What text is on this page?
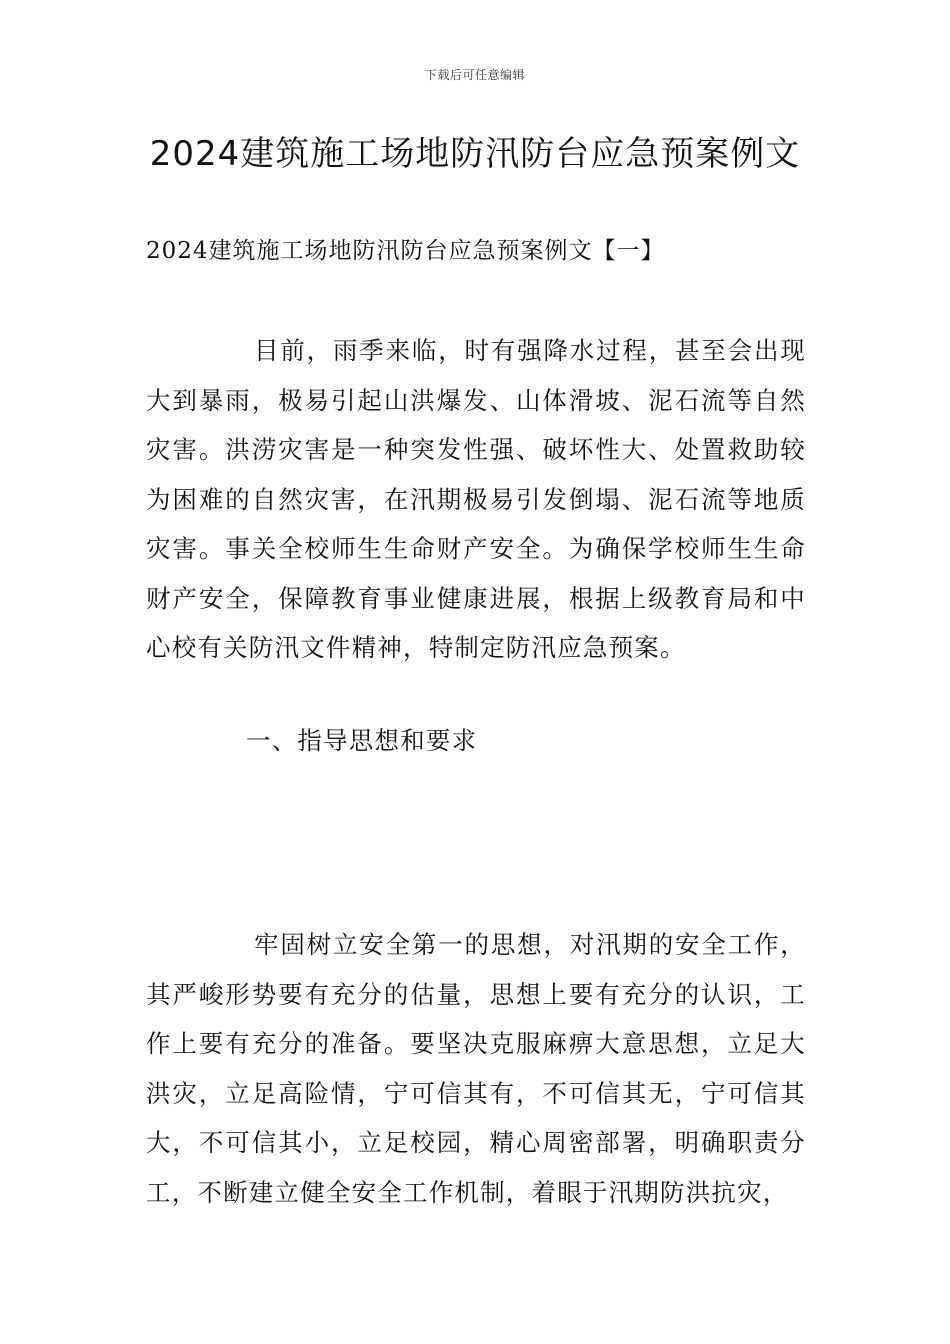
下载后可任意编辑
2024建筑施工场地防汛防台应急预案例文
2024建筑施工场地防汛防台应急预案例文【一】

目前，雨季来临，时有强降水过程，甚至会出现大到暴雨，极易引起山洪爆发、山体滑坡、泥石流等自然灾害。洪涝灾害是一种突发性强、破坏性大、处置救助较为困难的自然灾害，在汛期极易引发倒塌、泥石流等地质灾害。事关全校师生生命财产安全。为确保学校师生生命财产安全，保障教育事业健康进展，根据上级教育局和中心校有关防汛文件精神，特制定防汛应急预案。

一、指导思想和要求

牢固树立安全第一的思想，对汛期的安全工作，其严峻形势要有充分的估量，思想上要有充分的认识，工作上要有充分的准备。要坚决克服麻痹大意思想，立足大洪灾，立足高险情，宁可信其有，不可信其无，宁可信其大，不可信其小，立足校园，精心周密部署，明确职责分工，不断建立健全安全工作机制，着眼于汛期防洪抗灾，
